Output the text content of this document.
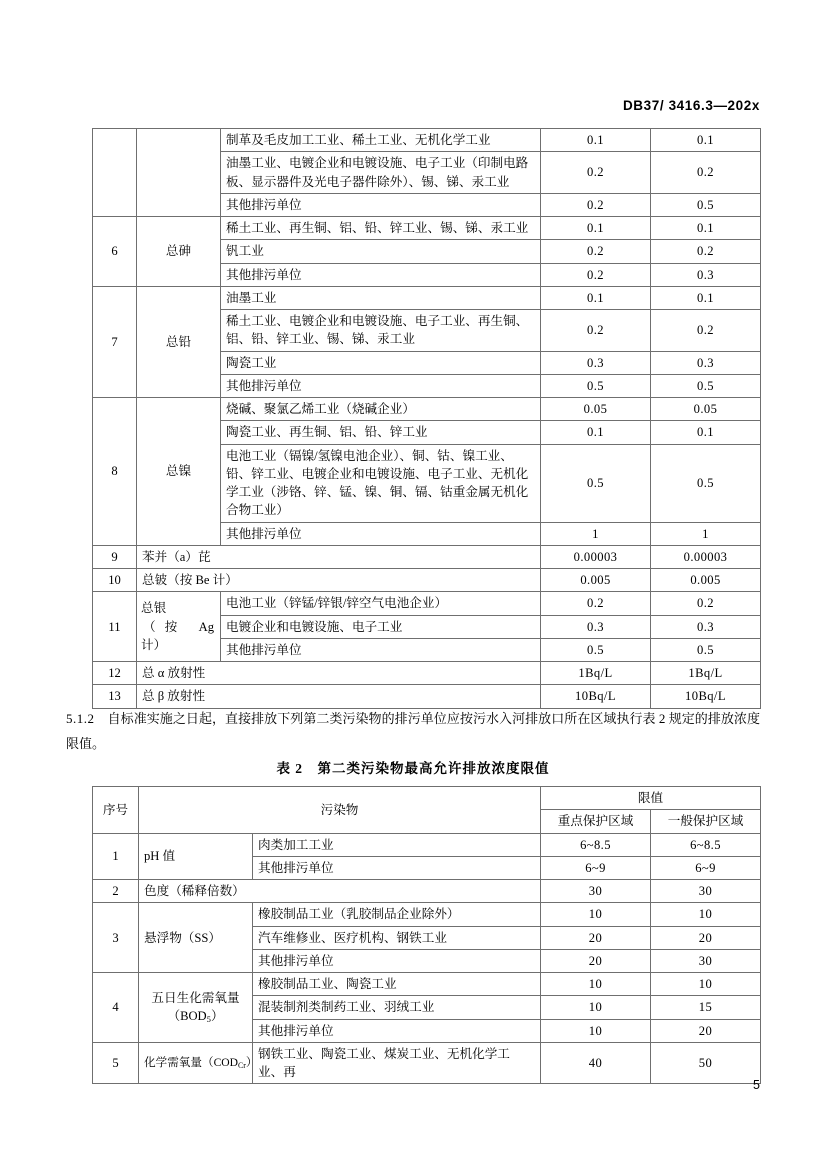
DB37/ 3416.3—202x
		制革及毛皮加工工业、稀土工业、无机化学工业	0.1	0.1
		油墨工业、电镀企业和电镀设施、电子工业（印制电路板、显示器件及光电子器件除外）、锡、锑、汞工业	0.2	0.2
		其他排污单位	0.2	0.5
6	总砷	稀土工业、再生铜、铝、铅、锌工业、锡、锑、汞工业	0.1	0.1
		钒工业	0.2	0.2
		其他排污单位	0.2	0.3
7	总铅	油墨工业	0.1	0.1
		稀土工业、电镀企业和电镀设施、电子工业、再生铜、铝、铅、锌工业、锡、锑、汞工业	0.2	0.2
		陶瓷工业	0.3	0.3
		其他排污单位	0.5	0.5
8	总镍	烧碱、聚氯乙烯工业（烧碱企业）	0.05	0.05
		陶瓷工业、再生铜、铝、铅、锌工业	0.1	0.1
		电池工业（镉镍/氢镍电池企业）、铜、钴、镍工业、铅、锌工业、电镀企业和电镀设施、电子工业、无机化学工业（涉铬、锌、锰、镍、铜、镉、钴重金属无机化合物工业）	0.5	0.5
		其他排污单位	1	1
9	苯并（a）芘		0.00003	0.00003
10	总铍（按 Be 计）		0.005	0.005
11	总银
（按 Ag
计）	电池工业（锌锰/锌银/锌空气电池企业）	0.2	0.2
		电镀企业和电镀设施、电子工业	0.3	0.3
		其他排污单位	0.5	0.5
12	总 α 放射性		1Bq/L	1Bq/L
13	总 β 放射性		10Bq/L	10Bq/L
5.1.2　 自标准实施之日起，直接排放下列第二类污染物的排污单位应按污水入河排放口所在区域执行表 2 规定的排放浓度限值。
表 2　第二类污染物最高允许排放浓度限值
序号	污染物		限值	
			重点保护区域	一般保护区域
1	pH 值	肉类加工工业	6~8.5	6~8.5
		其他排污单位	6~9	6~9
2	色度（稀释倍数）		30	30
3	悬浮物（SS）	橡胶制品工业（乳胶制品企业除外）	10	10
		汽车维修业、医疗机构、钢铁工业	20	20
		其他排污单位	20	30
4	五日生化需氧量
$(BOD_5)$	橡胶制品工业、陶瓷工业	10	10
		混装制剂类制药工业、羽绒工业	10	15
		其他排污单位	10	20
5	化学需氧量$(COD_{Cr})$	钢铁工业、陶瓷工业、煤炭工业、无机化学工业、再	40	50
5
